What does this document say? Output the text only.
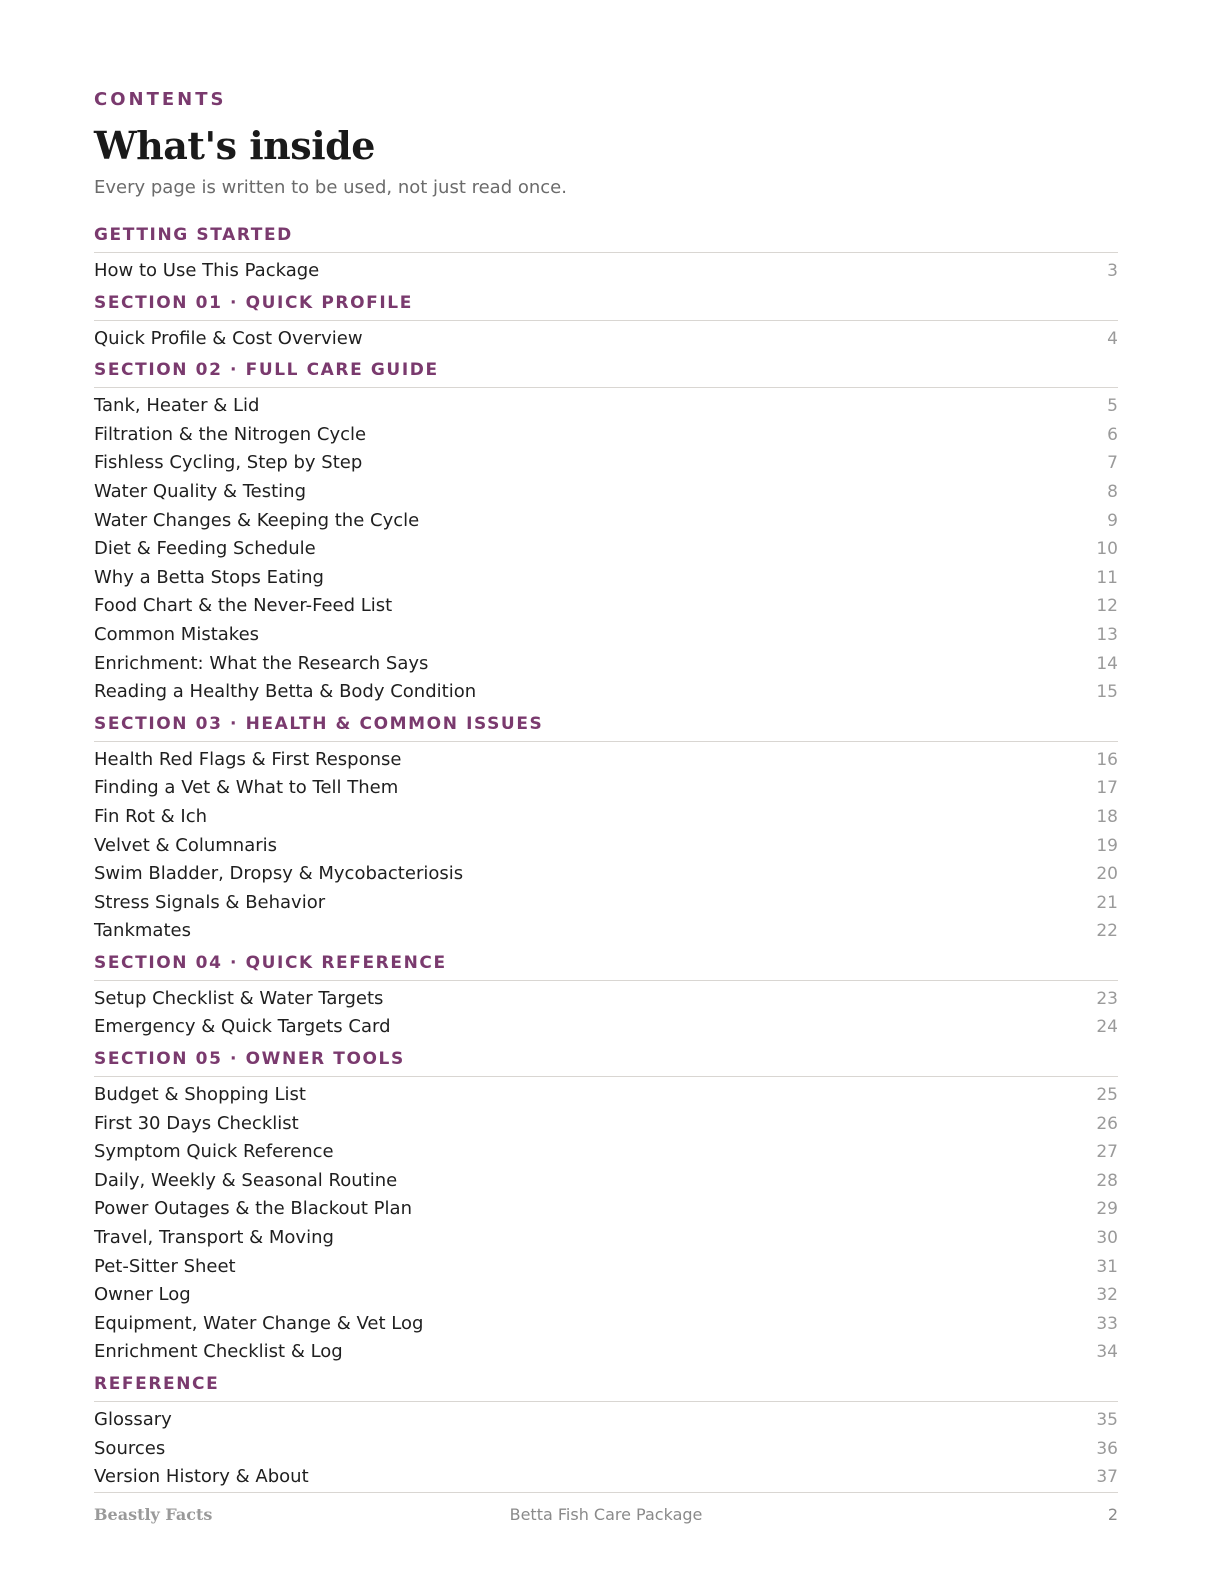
CONTENTS

What's inside

Every page is written to be used, not just read once.

GETTING STARTED
How to Use This Package	3
SECTION 01 · QUICK PROFILE
Quick Profile & Cost Overview	4
SECTION 02 · FULL CARE GUIDE
Tank, Heater & Lid	5
Filtration & the Nitrogen Cycle	6
Fishless Cycling, Step by Step	7
Water Quality & Testing	8
Water Changes & Keeping the Cycle	9
Diet & Feeding Schedule	10
Why a Betta Stops Eating	11
Food Chart & the Never-Feed List	12
Common Mistakes	13
Enrichment: What the Research Says	14
Reading a Healthy Betta & Body Condition	15
SECTION 03 · HEALTH & COMMON ISSUES
Health Red Flags & First Response	16
Finding a Vet & What to Tell Them	17
Fin Rot & Ich	18
Velvet & Columnaris	19
Swim Bladder, Dropsy & Mycobacteriosis	20
Stress Signals & Behavior	21
Tankmates	22
SECTION 04 · QUICK REFERENCE
Setup Checklist & Water Targets	23
Emergency & Quick Targets Card	24
SECTION 05 · OWNER TOOLS
Budget & Shopping List	25
First 30 Days Checklist	26
Symptom Quick Reference	27
Daily, Weekly & Seasonal Routine	28
Power Outages & the Blackout Plan	29
Travel, Transport & Moving	30
Pet-Sitter Sheet	31
Owner Log	32
Equipment, Water Change & Vet Log	33
Enrichment Checklist & Log	34
REFERENCE
Glossary	35
Sources	36
Version History & About	37
Beastly Facts	Betta Fish Care Package	2
